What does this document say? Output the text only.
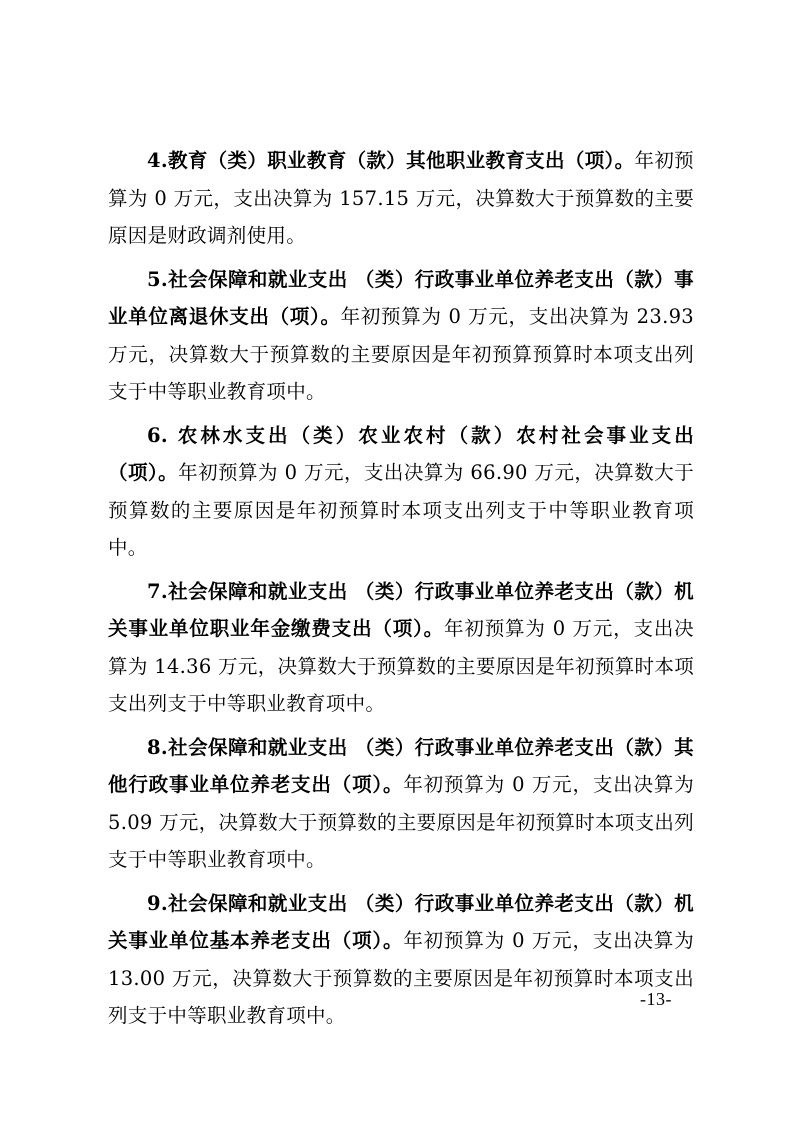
4.教育（类）职业教育（款）其他职业教育支出（项）。年初预算为 0 万元，支出决算为 157.15 万元，决算数大于预算数的主要原因是财政调剂使用。

5.社会保障和就业支出 （类）行政事业单位养老支出（款）事业单位离退休支出（项）。年初预算为 0 万元，支出决算为 23.93 万元，决算数大于预算数的主要原因是年初预算预算时本项支出列支于中等职业教育项中。

6. 农林水支出（类）农业农村（款）农村社会事业支出（项）。年初预算为 0 万元，支出决算为 66.90 万元，决算数大于预算数的主要原因是年初预算时本项支出列支于中等职业教育项中。

7.社会保障和就业支出 （类）行政事业单位养老支出（款）机关事业单位职业年金缴费支出（项）。年初预算为 0 万元，支出决算为 14.36 万元，决算数大于预算数的主要原因是年初预算时本项支出列支于中等职业教育项中。

8.社会保障和就业支出 （类）行政事业单位养老支出（款）其他行政事业单位养老支出（项）。年初预算为 0 万元，支出决算为 5.09 万元，决算数大于预算数的主要原因是年初预算时本项支出列支于中等职业教育项中。

9.社会保障和就业支出 （类）行政事业单位养老支出（款）机关事业单位基本养老支出（项）。年初预算为 0 万元，支出决算为 13.00 万元，决算数大于预算数的主要原因是年初预算时本项支出列支于中等职业教育项中。

-13-
